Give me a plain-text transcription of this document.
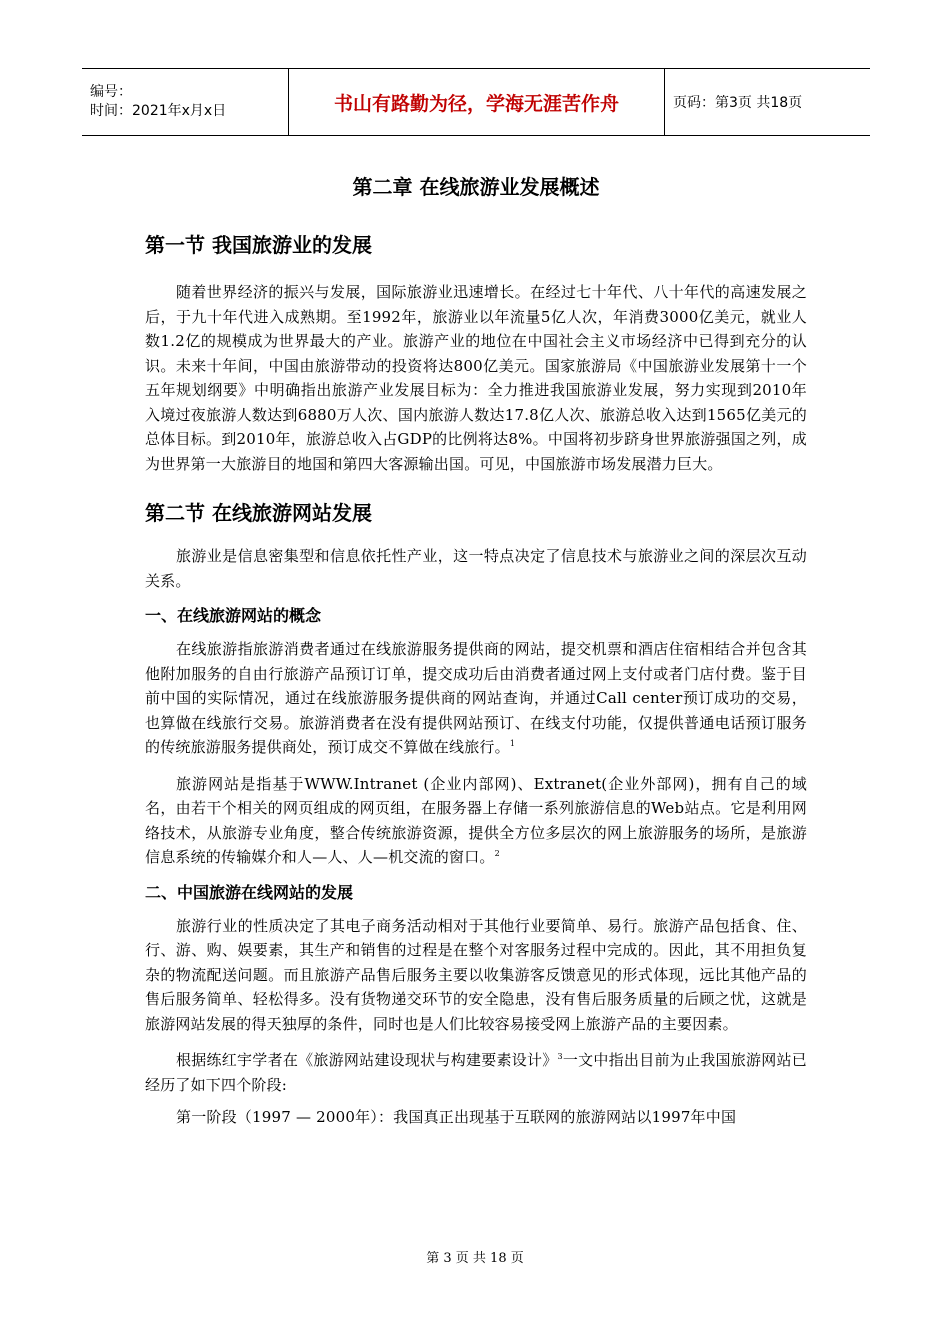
编号：
时间：2021年x月x日	书山有路勤为径，学海无涯苦作舟	页码：第3页 共18页
第二章 在线旅游业发展概述
第一节 我国旅游业的发展

随着世界经济的振兴与发展，国际旅游业迅速增长。在经过七十年代、八十年代的高速发展之后，于九十年代进入成熟期。至1992年，旅游业以年流量5亿人次，年消费3000亿美元，就业人数1.2亿的规模成为世界最大的产业。旅游产业的地位在中国社会主义市场经济中已得到充分的认识。未来十年间，中国由旅游带动的投资将达800亿美元。国家旅游局《中国旅游业发展第十一个五年规划纲要》中明确指出旅游产业发展目标为：全力推进我国旅游业发展，努力实现到2010年入境过夜旅游人数达到6880万人次、国内旅游人数达17.8亿人次、旅游总收入达到1565亿美元的总体目标。到2010年，旅游总收入占GDP的比例将达8%。中国将初步跻身世界旅游强国之列，成为世界第一大旅游目的地国和第四大客源输出国。可见，中国旅游市场发展潜力巨大。

第二节 在线旅游网站发展

旅游业是信息密集型和信息依托性产业，这一特点决定了信息技术与旅游业之间的深层次互动关系。

一、在线旅游网站的概念

在线旅游指旅游消费者通过在线旅游服务提供商的网站，提交机票和酒店住宿相结合并包含其他附加服务的自由行旅游产品预订订单，提交成功后由消费者通过网上支付或者门店付费。鉴于目前中国的实际情况，通过在线旅游服务提供商的网站查询，并通过Call center预订成功的交易，也算做在线旅行交易。旅游消费者在没有提供网站预订、在线支付功能，仅提供普通电话预订服务的传统旅游服务提供商处，预订成交不算做在线旅行。$^1$

旅游网站是指基于WWW.Intranet (企业内部网)、Extranet(企业外部网)，拥有自己的域名，由若干个相关的网页组成的网页组，在服务器上存储一系列旅游信息的Web站点。它是利用网络技术，从旅游专业角度，整合传统旅游资源，提供全方位多层次的网上旅游服务的场所，是旅游信息系统的传输媒介和人—人、人—机交流的窗口。$^2$

二、中国旅游在线网站的发展

旅游行业的性质决定了其电子商务活动相对于其他行业要简单、易行。旅游产品包括食、住、行、游、购、娱要素，其生产和销售的过程是在整个对客服务过程中完成的。因此，其不用担负复杂的物流配送问题。而且旅游产品售后服务主要以收集游客反馈意见的形式体现，远比其他产品的售后服务简单、轻松得多。没有货物递交环节的安全隐患，没有售后服务质量的后顾之忧，这就是旅游网站发展的得天独厚的条件，同时也是人们比较容易接受网上旅游产品的主要因素。

根据练红宇学者在《旅游网站建设现状与构建要素设计》$^3$一文中指出目前为止我国旅游网站已经历了如下四个阶段:

第一阶段（1997 — 2000年）：我国真正出现基于互联网的旅游网站以1997年中国

第 3 页 共 18 页
